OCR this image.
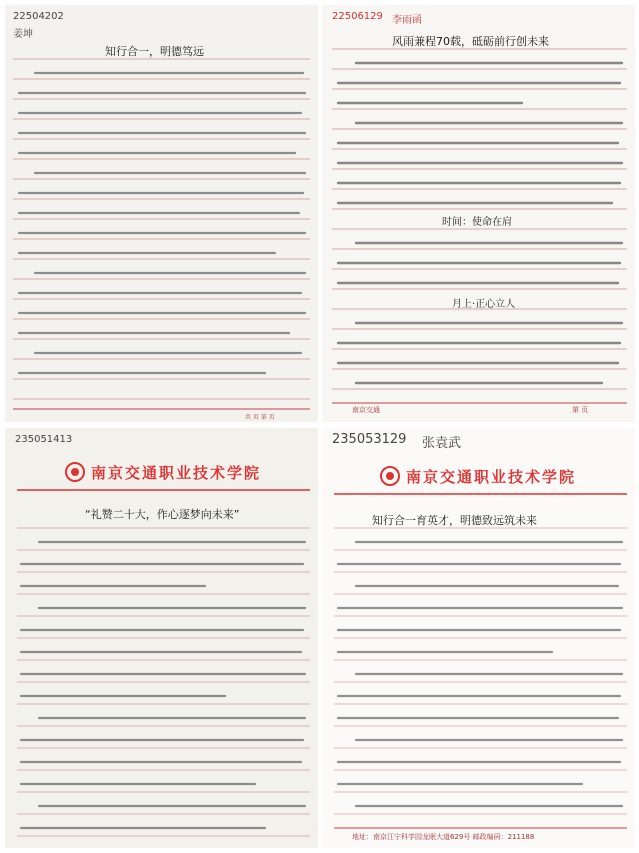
22504202
姜坤
知行合一，明德笃远
共 页 第 页
22506129 李雨函
风雨兼程70载，砥砺前行创未来
时间：使命在肩
月上·正心立人
南京交通	第 页
235051413
南京交通职业技术学院
“礼赞二十大，作心逐梦向未来”
235053129 张袁武
南京交通职业技术学院
知行合一育英才，明德致远筑未来
地址：南京江宁科学园龙眠大道629号 邮政编码：211188
